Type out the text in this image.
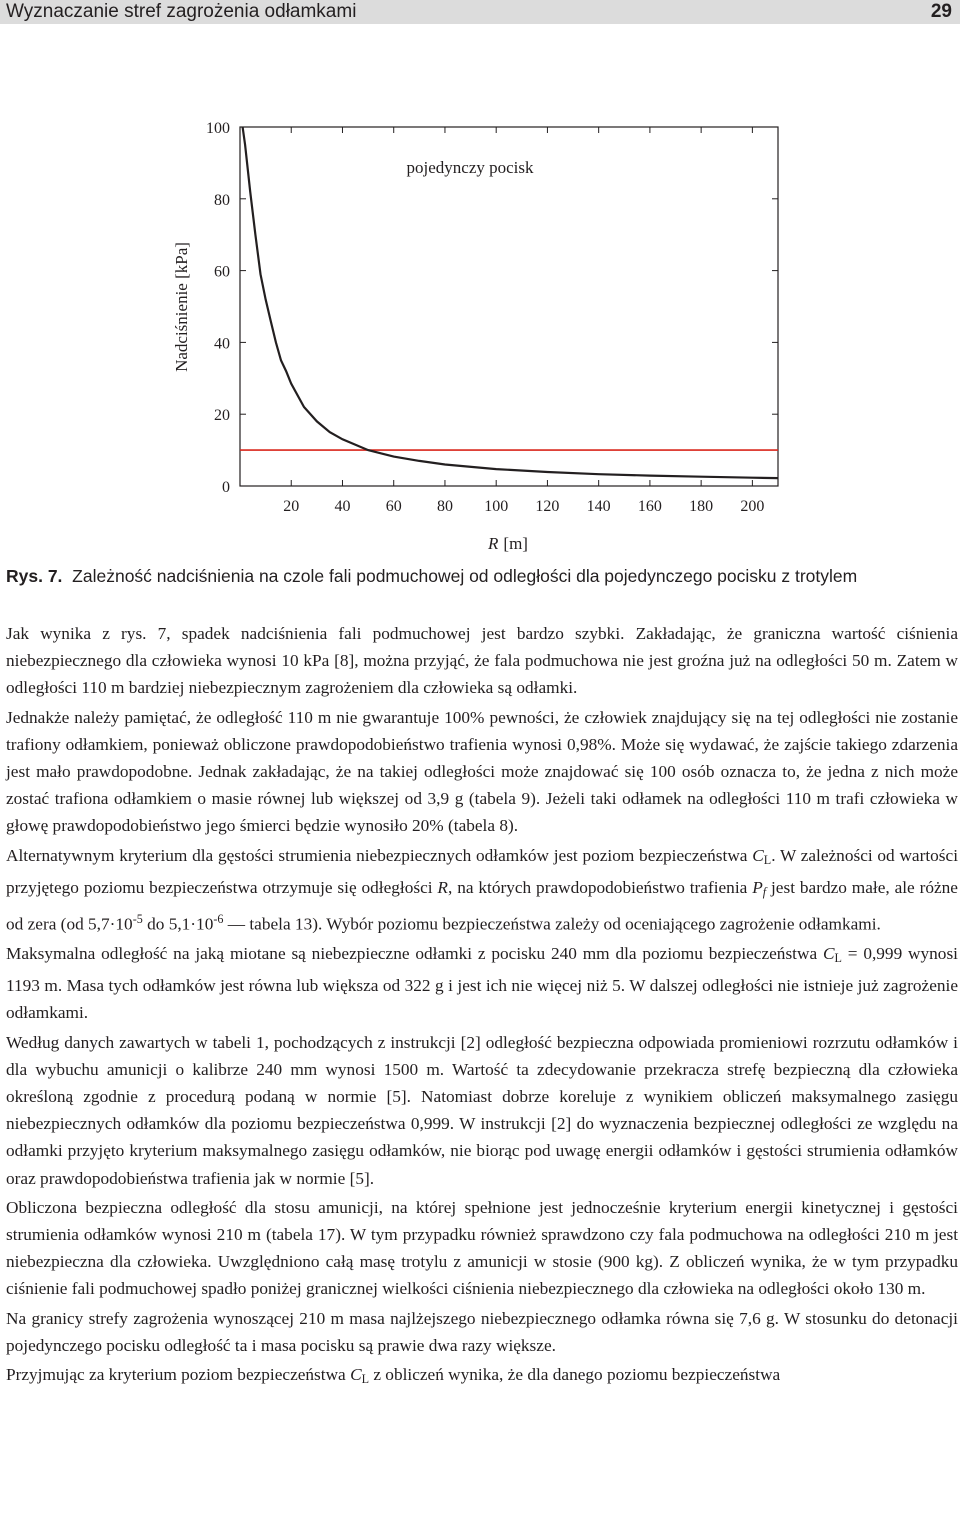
Wyznaczanie stref zagrożenia odłamkami	29
20 40 60 80 100 120 140 160 180 200
0
20
40
60
80
100
pojedynczy pocisk
Nadciśnienie [kPa]
R [m]
Rys. 7. Zależność nadciśnienia na czole fali podmuchowej od odległości dla pojedynczego pocisku z trotylem

Jak wynika z rys. 7, spadek nadciśnienia fali podmuchowej jest bardzo szybki. Zakładając, że graniczna wartość ciśnienia niebezpiecznego dla człowieka wynosi 10 kPa [8], można przyjąć, że fala podmuchowa nie jest groźna już na odległości 50 m. Zatem w odległości 110 m bardziej niebezpiecznym zagrożeniem dla człowieka są odłamki.

Jednakże należy pamiętać, że odległość 110 m nie gwarantuje 100% pewności, że człowiek znajdujący się na tej odległości nie zostanie trafiony odłamkiem, ponieważ obliczone prawdopodobieństwo trafienia wynosi 0,98%. Może się wydawać, że zajście takiego zdarzenia jest mało prawdopodobne. Jednak zakładając, że na takiej odległości może znajdować się 100 osób oznacza to, że jedna z nich może zostać trafiona odłamkiem o masie równej lub większej od 3,9 g (tabela 9). Jeżeli taki odłamek na odległości 110 m trafi człowieka w głowę prawdopodobieństwo jego śmierci będzie wynosiło 20% (tabela 8).

Alternatywnym kryterium dla gęstości strumienia niebezpiecznych odłamków jest poziom bezpieczeństwa $C_L$. W zależności od wartości przyjętego poziomu bezpieczeństwa otrzymuje się odłegłości R, na których prawdopodobieństwo trafienia $P_f$ jest bardzo małe, ale różne od zera (od $5,7\cdot 10^{-5}$ do $5,1\cdot 10^{-6}$ — tabela 13). Wybór poziomu bezpieczeństwa zależy od oceniającego zagrożenie odłamkami.

Maksymalna odległość na jaką miotane są niebezpieczne odłamki z pocisku 240 mm dla poziomu bezpieczeństwa $C_L = 0,999$ wynosi 1193 m. Masa tych odłamków jest równa lub większa od 322 g i jest ich nie więcej niż 5. W dalszej odległości nie istnieje już zagrożenie odłamkami.

Według danych zawartych w tabeli 1, pochodzących z instrukcji [2] odległość bezpieczna odpowiada promieniowi rozrzutu odłamków i dla wybuchu amunicji o kalibrze 240 mm wynosi 1500 m. Wartość ta zdecydowanie przekracza strefę bezpieczną dla człowieka określoną zgodnie z procedurą podaną w normie [5]. Natomiast dobrze koreluje z wynikiem obliczeń maksymalnego zasięgu niebezpiecznych odłamków dla poziomu bezpieczeństwa 0,999. W instrukcji [2] do wyznaczenia bezpiecznej odległości ze względu na odłamki przyjęto kryterium maksymalnego zasięgu odłamków, nie biorąc pod uwagę energii odłamków i gęstości strumienia odłamków oraz prawdopodobieństwa trafienia jak w normie [5].

Obliczona bezpieczna odległość dla stosu amunicji, na której spełnione jest jednocześnie kryterium energii kinetycznej i gęstości strumienia odłamków wynosi 210 m (tabela 17). W tym przypadku również sprawdzono czy fala podmuchowa na odległości 210 m jest niebezpieczna dla człowieka. Uwzględniono całą masę trotylu z amunicji w stosie (900 kg). Z obliczeń wynika, że w tym przypadku ciśnienie fali podmuchowej spadło poniżej granicznej wielkości ciśnienia niebezpiecznego dla człowieka na odległości około 130 m.

Na granicy strefy zagrożenia wynoszącej 210 m masa najlżejszego niebezpiecznego odłamka równa się 7,6 g. W stosunku do detonacji pojedynczego pocisku odległość ta i masa pocisku są prawie dwa razy większe.

Przyjmując za kryterium poziom bezpieczeństwa $C_L$ z obliczeń wynika, że dla danego poziomu bezpieczeństwa
